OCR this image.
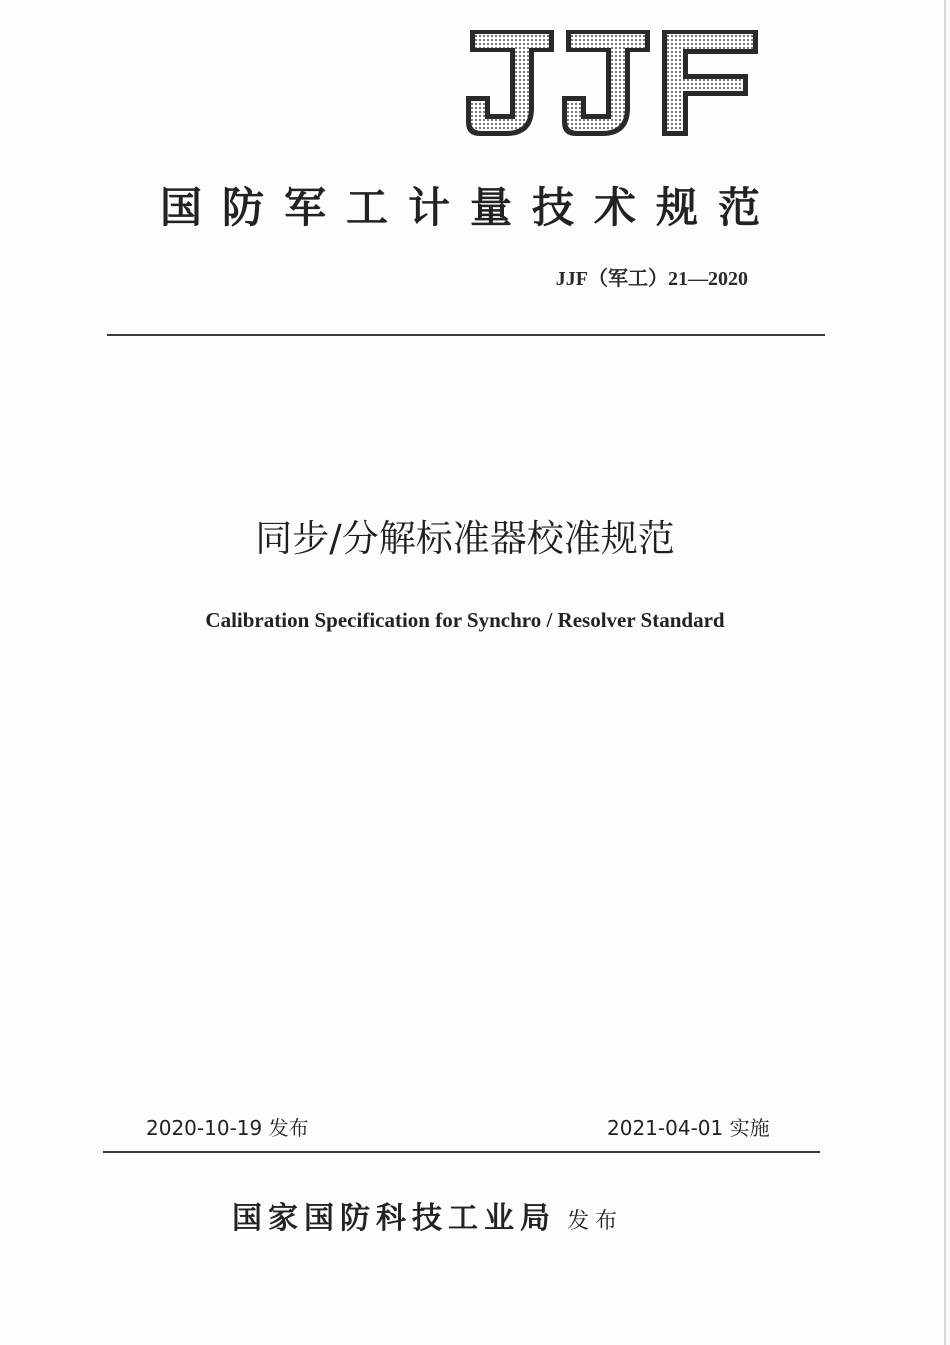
国防军工计量技术规范
JJF（军工）21—2020
同步/分解标准器校准规范
Calibration Specification for Synchro / Resolver Standard
2020-10-19 发布	2021-04-01 实施
国家国防科技工业局 发布
